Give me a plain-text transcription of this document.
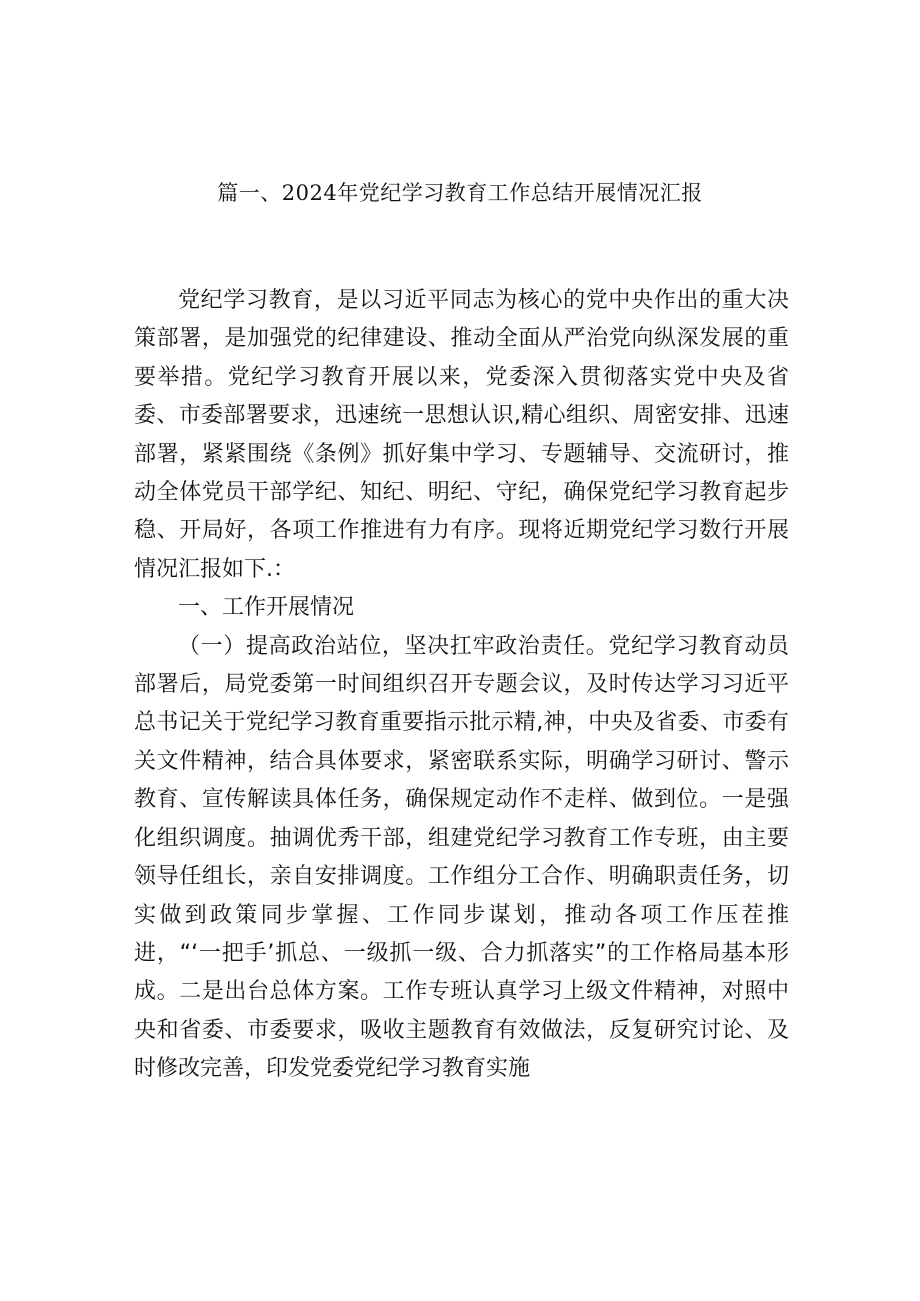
篇一、2024年党纪学习教育工作总结开展情况汇报

党纪学习教育，是以习近平同志为核心的党中央作出的重大决策部署，是加强党的纪律建设、推动全面从严治党向纵深发展的重要举措。党纪学习教育开展以来，党委深入贯彻落实党中央及省委、市委部署要求，迅速统一思想认识,精心组织、周密安排、迅速部署，紧紧围绕《条例》抓好集中学习、专题辅导、交流研讨，推动全体党员干部学纪、知纪、明纪、守纪，确保党纪学习教育起步稳、开局好，各项工作推进有力有序。现将近期党纪学习数行开展情况汇报如下.：

一、工作开展情况

（一）提高政治站位，坚决扛牢政治责任。党纪学习教育动员部署后，局党委第一时间组织召开专题会议，及时传达学习习近平总书记关于党纪学习教育重要指示批示精,神，中央及省委、市委有关文件精神，结合具体要求，紧密联系实际，明确学习研讨、警示教育、宣传解读具体任务，确保规定动作不走样、做到位。一是强化组织调度。抽调优秀干部，组建党纪学习教育工作专班，由主要领导任组长，亲自安排调度。工作组分工合作、明确职责任务，切实做到政策同步掌握、工作同步谋划，推动各项工作压茬推进，“‘一把手’抓总、一级抓一级、合力抓落实”的工作格局基本形成。二是出台总体方案。工作专班认真学习上级文件精神，对照中央和省委、市委要求，吸收主题教育有效做法，反复研究讨论、及时修改完善，印发党委党纪学习教育实施
